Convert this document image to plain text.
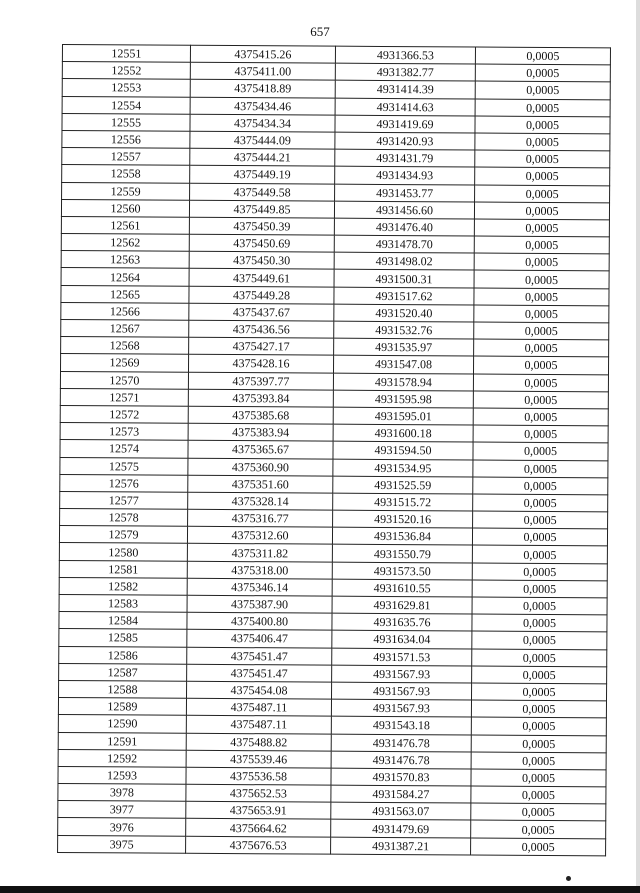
657
12551	4375415.26	4931366.53	0,0005
12552	4375411.00	4931382.77	0,0005
12553	4375418.89	4931414.39	0,0005
12554	4375434.46	4931414.63	0,0005
12555	4375434.34	4931419.69	0,0005
12556	4375444.09	4931420.93	0,0005
12557	4375444.21	4931431.79	0,0005
12558	4375449.19	4931434.93	0,0005
12559	4375449.58	4931453.77	0,0005
12560	4375449.85	4931456.60	0,0005
12561	4375450.39	4931476.40	0,0005
12562	4375450.69	4931478.70	0,0005
12563	4375450.30	4931498.02	0,0005
12564	4375449.61	4931500.31	0,0005
12565	4375449.28	4931517.62	0,0005
12566	4375437.67	4931520.40	0,0005
12567	4375436.56	4931532.76	0,0005
12568	4375427.17	4931535.97	0,0005
12569	4375428.16	4931547.08	0,0005
12570	4375397.77	4931578.94	0,0005
12571	4375393.84	4931595.98	0,0005
12572	4375385.68	4931595.01	0,0005
12573	4375383.94	4931600.18	0,0005
12574	4375365.67	4931594.50	0,0005
12575	4375360.90	4931534.95	0,0005
12576	4375351.60	4931525.59	0,0005
12577	4375328.14	4931515.72	0,0005
12578	4375316.77	4931520.16	0,0005
12579	4375312.60	4931536.84	0,0005
12580	4375311.82	4931550.79	0,0005
12581	4375318.00	4931573.50	0,0005
12582	4375346.14	4931610.55	0,0005
12583	4375387.90	4931629.81	0,0005
12584	4375400.80	4931635.76	0,0005
12585	4375406.47	4931634.04	0,0005
12586	4375451.47	4931571.53	0,0005
12587	4375451.47	4931567.93	0,0005
12588	4375454.08	4931567.93	0,0005
12589	4375487.11	4931567.93	0,0005
12590	4375487.11	4931543.18	0,0005
12591	4375488.82	4931476.78	0,0005
12592	4375539.46	4931476.78	0,0005
12593	4375536.58	4931570.83	0,0005
3978	4375652.53	4931584.27	0,0005
3977	4375653.91	4931563.07	0,0005
3976	4375664.62	4931479.69	0,0005
3975	4375676.53	4931387.21	0,0005
